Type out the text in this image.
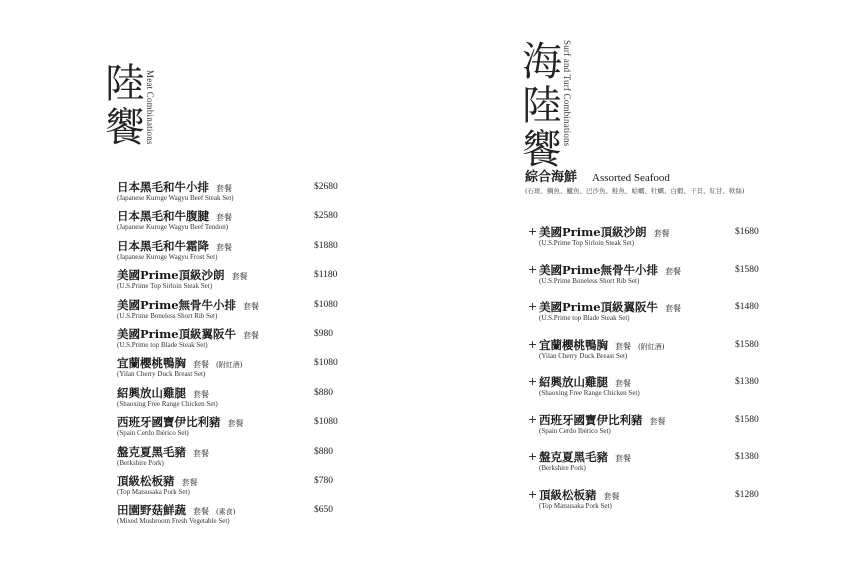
陸
饗 Meat Combinations
日本黑毛和牛小排 套餐
(Japanese Kuroge Wagyu Beef Steak Set)
$2680
日本黑毛和牛腹腱 套餐
(Japanese Kuroge Wagyu Beef Tendon)
$2580
日本黑毛和牛霜降 套餐
(Japanese Kuroge Wagyu Frost Set)
$1880
美國Prime頂級沙朗 套餐
(U.S.Prime Top Sirloin Steak Set)
$1180
美國Prime無骨牛小排 套餐
(U.S.Prime Boneless Short Rib Set)
$1080
美國Prime頂級翼阪牛 套餐
(U.S.Prime top Blade Steak Set)
$980
宜蘭櫻桃鴨胸 套餐 (附紅酒)
(Yilan Cherry Duck Breast Set)
$1080
紹興放山雞腿 套餐
(Shaoxing Free Range Chicken Set)
$880
西班牙國寶伊比利豬 套餐
(Spain Cerdo Ibérico Set)
$1080
盤克夏黑毛豬 套餐
(Berkshire Pork)
$880
頂級松板豬 套餐
(Top Matsusaka Pork Set)
$780
田園野菇鮮蔬 套餐 (素食)
(Mixed Mushroom Fresh Vegetable Set)
$650
海
陸
饗
Surf and Turf Combinations
綜合海鮮 Assorted Seafood
(石斑、鯛魚、鱸魚、巴沙魚、鮭魚、蛤蠣、牡蠣、白蝦、干貝、紅甘、軟絲)
+ 美國Prime頂級沙朗 套餐
(U.S.Prime Top Sirloin Steak Set)
$1680
+ 美國Prime無骨牛小排 套餐
(U.S.Prime Boneless Short Rib Set)
$1580
+ 美國Prime頂級翼阪牛 套餐
(U.S.Prime top Blade Steak Set)
$1480
+ 宜蘭櫻桃鴨胸 套餐 (附紅酒)
(Yilan Cherry Duck Breast Set)
$1580
+ 紹興放山雞腿 套餐
(Shaoxing Free Range Chicken Set)
$1380
+ 西班牙國寶伊比利豬 套餐
(Spain Cerdo Ibérico Set)
$1580
+ 盤克夏黑毛豬 套餐
(Berkshire Pork)
$1380
+ 頂級松板豬 套餐
(Top Matsusaka Pork Set)
$1280
